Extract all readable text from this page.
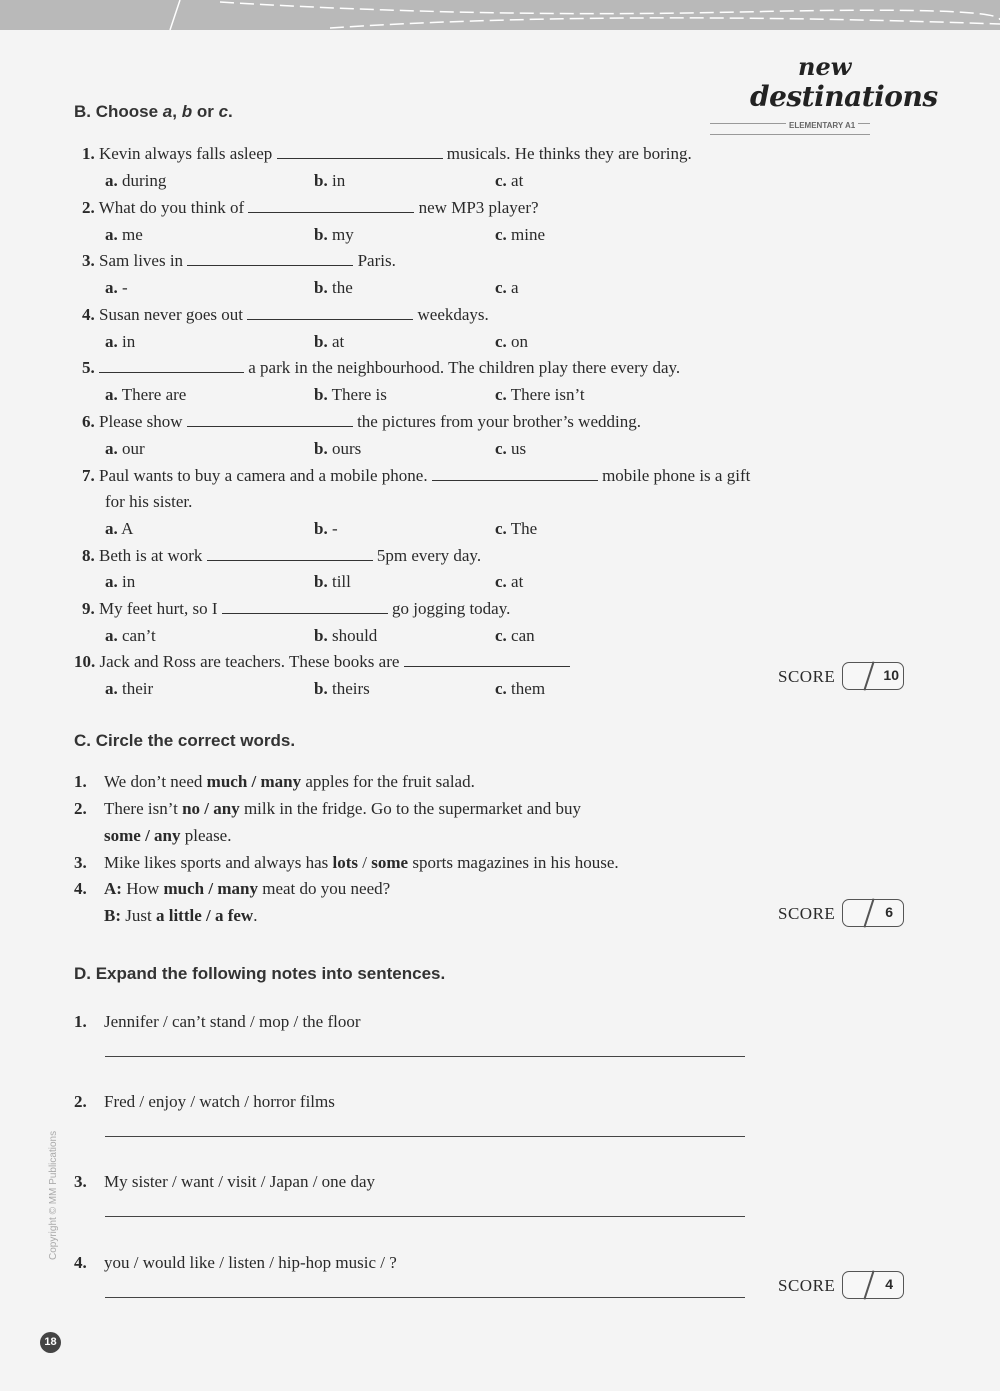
new
destinations
ELEMENTARY A1
B. Choose a, b or c.
1. Kevin always falls asleep	musicals. He thinks they are boring.
a. during	b. in	c. at
2. What do you think of	new MP3 player?
a. me	b. my	c. mine
3. Sam lives in	Paris.
a. -	b. the	c. a
4. Susan never goes out	weekdays.
a. in	b. at	c. on
5.	a park in the neighbourhood. The children play there every day.
a. There are	b. There is	c. There isn’t
6. Please show	the pictures from your brother’s wedding.
a. our	b. ours	c. us
7. Paul wants to buy a camera and a mobile phone.	mobile phone is a gift
for his sister.
a. A	b. -	c. The
8. Beth is at work	5pm every day.
a. in	b. till	c. at
9. My feet hurt, so I	go jogging today.
a. can’t	b. should	c. can
10. Jack and Ross are teachers. These books are
a. their	b. theirs	c. them
SCORE	10
C. Circle the correct words.
1. We don’t need much / many apples for the fruit salad.
2. There isn’t no / any milk in the fridge. Go to the supermarket and buy
some / any please.
3. Mike likes sports and always has lots / some sports magazines in his house.
4. A: How much / many meat do you need?
B: Just a little / a few.	SCORE	6
D. Expand the following notes into sentences.
1. Jennifer / can’t stand / mop / the floor
2. Fred / enjoy / watch / horror films
3. My sister / want / visit / Japan / one day
4. you / would like / listen / hip-hop music / ?
SCORE	4
Copyright © MM Publications
18
